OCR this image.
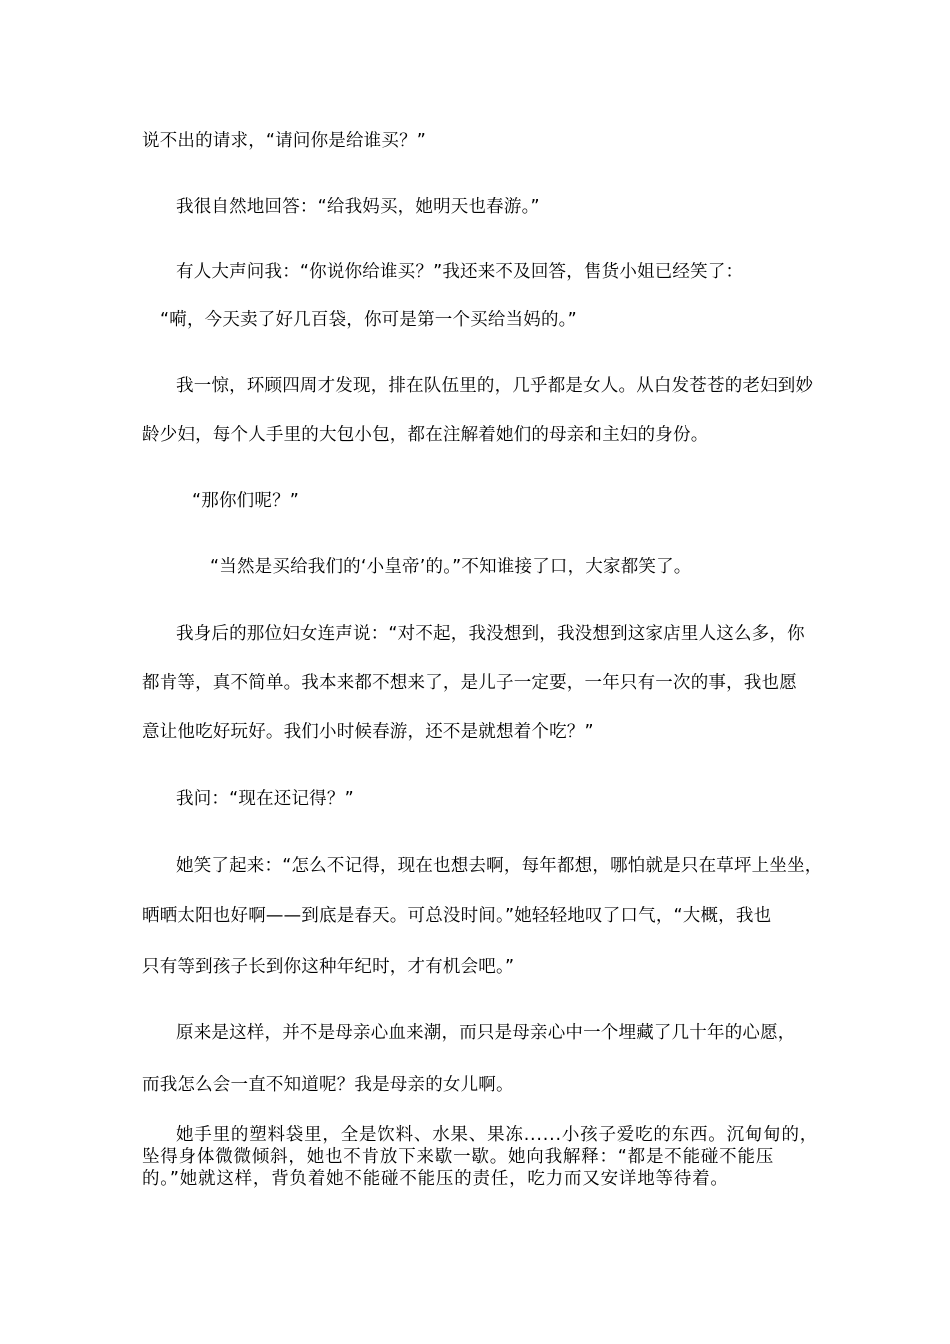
说不出的请求，“请问你是给谁买？”
我很自然地回答：“给我妈买，她明天也春游。”
有人大声问我：“你说你给谁买？”我还来不及回答，售货小姐已经笑了：
“嗬，今天卖了好几百袋，你可是第一个买给当妈的。”
我一惊，环顾四周才发现，排在队伍里的，几乎都是女人。从白发苍苍的老妇到妙
龄少妇，每个人手里的大包小包，都在注解着她们的母亲和主妇的身份。
“那你们呢？”
“当然是买给我们的‘小皇帝’的。”不知谁接了口，大家都笑了。
我身后的那位妇女连声说：“对不起，我没想到，我没想到这家店里人这么多，你
都肯等，真不简单。我本来都不想来了，是儿子一定要，一年只有一次的事，我也愿
意让他吃好玩好。我们小时候春游，还不是就想着个吃？”
我问：“现在还记得？”
她笑了起来：“怎么不记得，现在也想去啊，每年都想，哪怕就是只在草坪上坐坐，
晒晒太阳也好啊——到底是春天。可总没时间。”她轻轻地叹了口气，“大概，我也
只有等到孩子长到你这种年纪时，才有机会吧。”
原来是这样，并不是母亲心血来潮，而只是母亲心中一个埋藏了几十年的心愿，
而我怎么会一直不知道呢？我是母亲的女儿啊。
她手里的塑料袋里，全是饮料、水果、果冻......小孩子爱吃的东西。沉甸甸的，
坠得身体微微倾斜，她也不肯放下来歇一歇。她向我解释：“都是不能碰不能压
的。”她就这样，背负着她不能碰不能压的责任，吃力而又安详地等待着。
